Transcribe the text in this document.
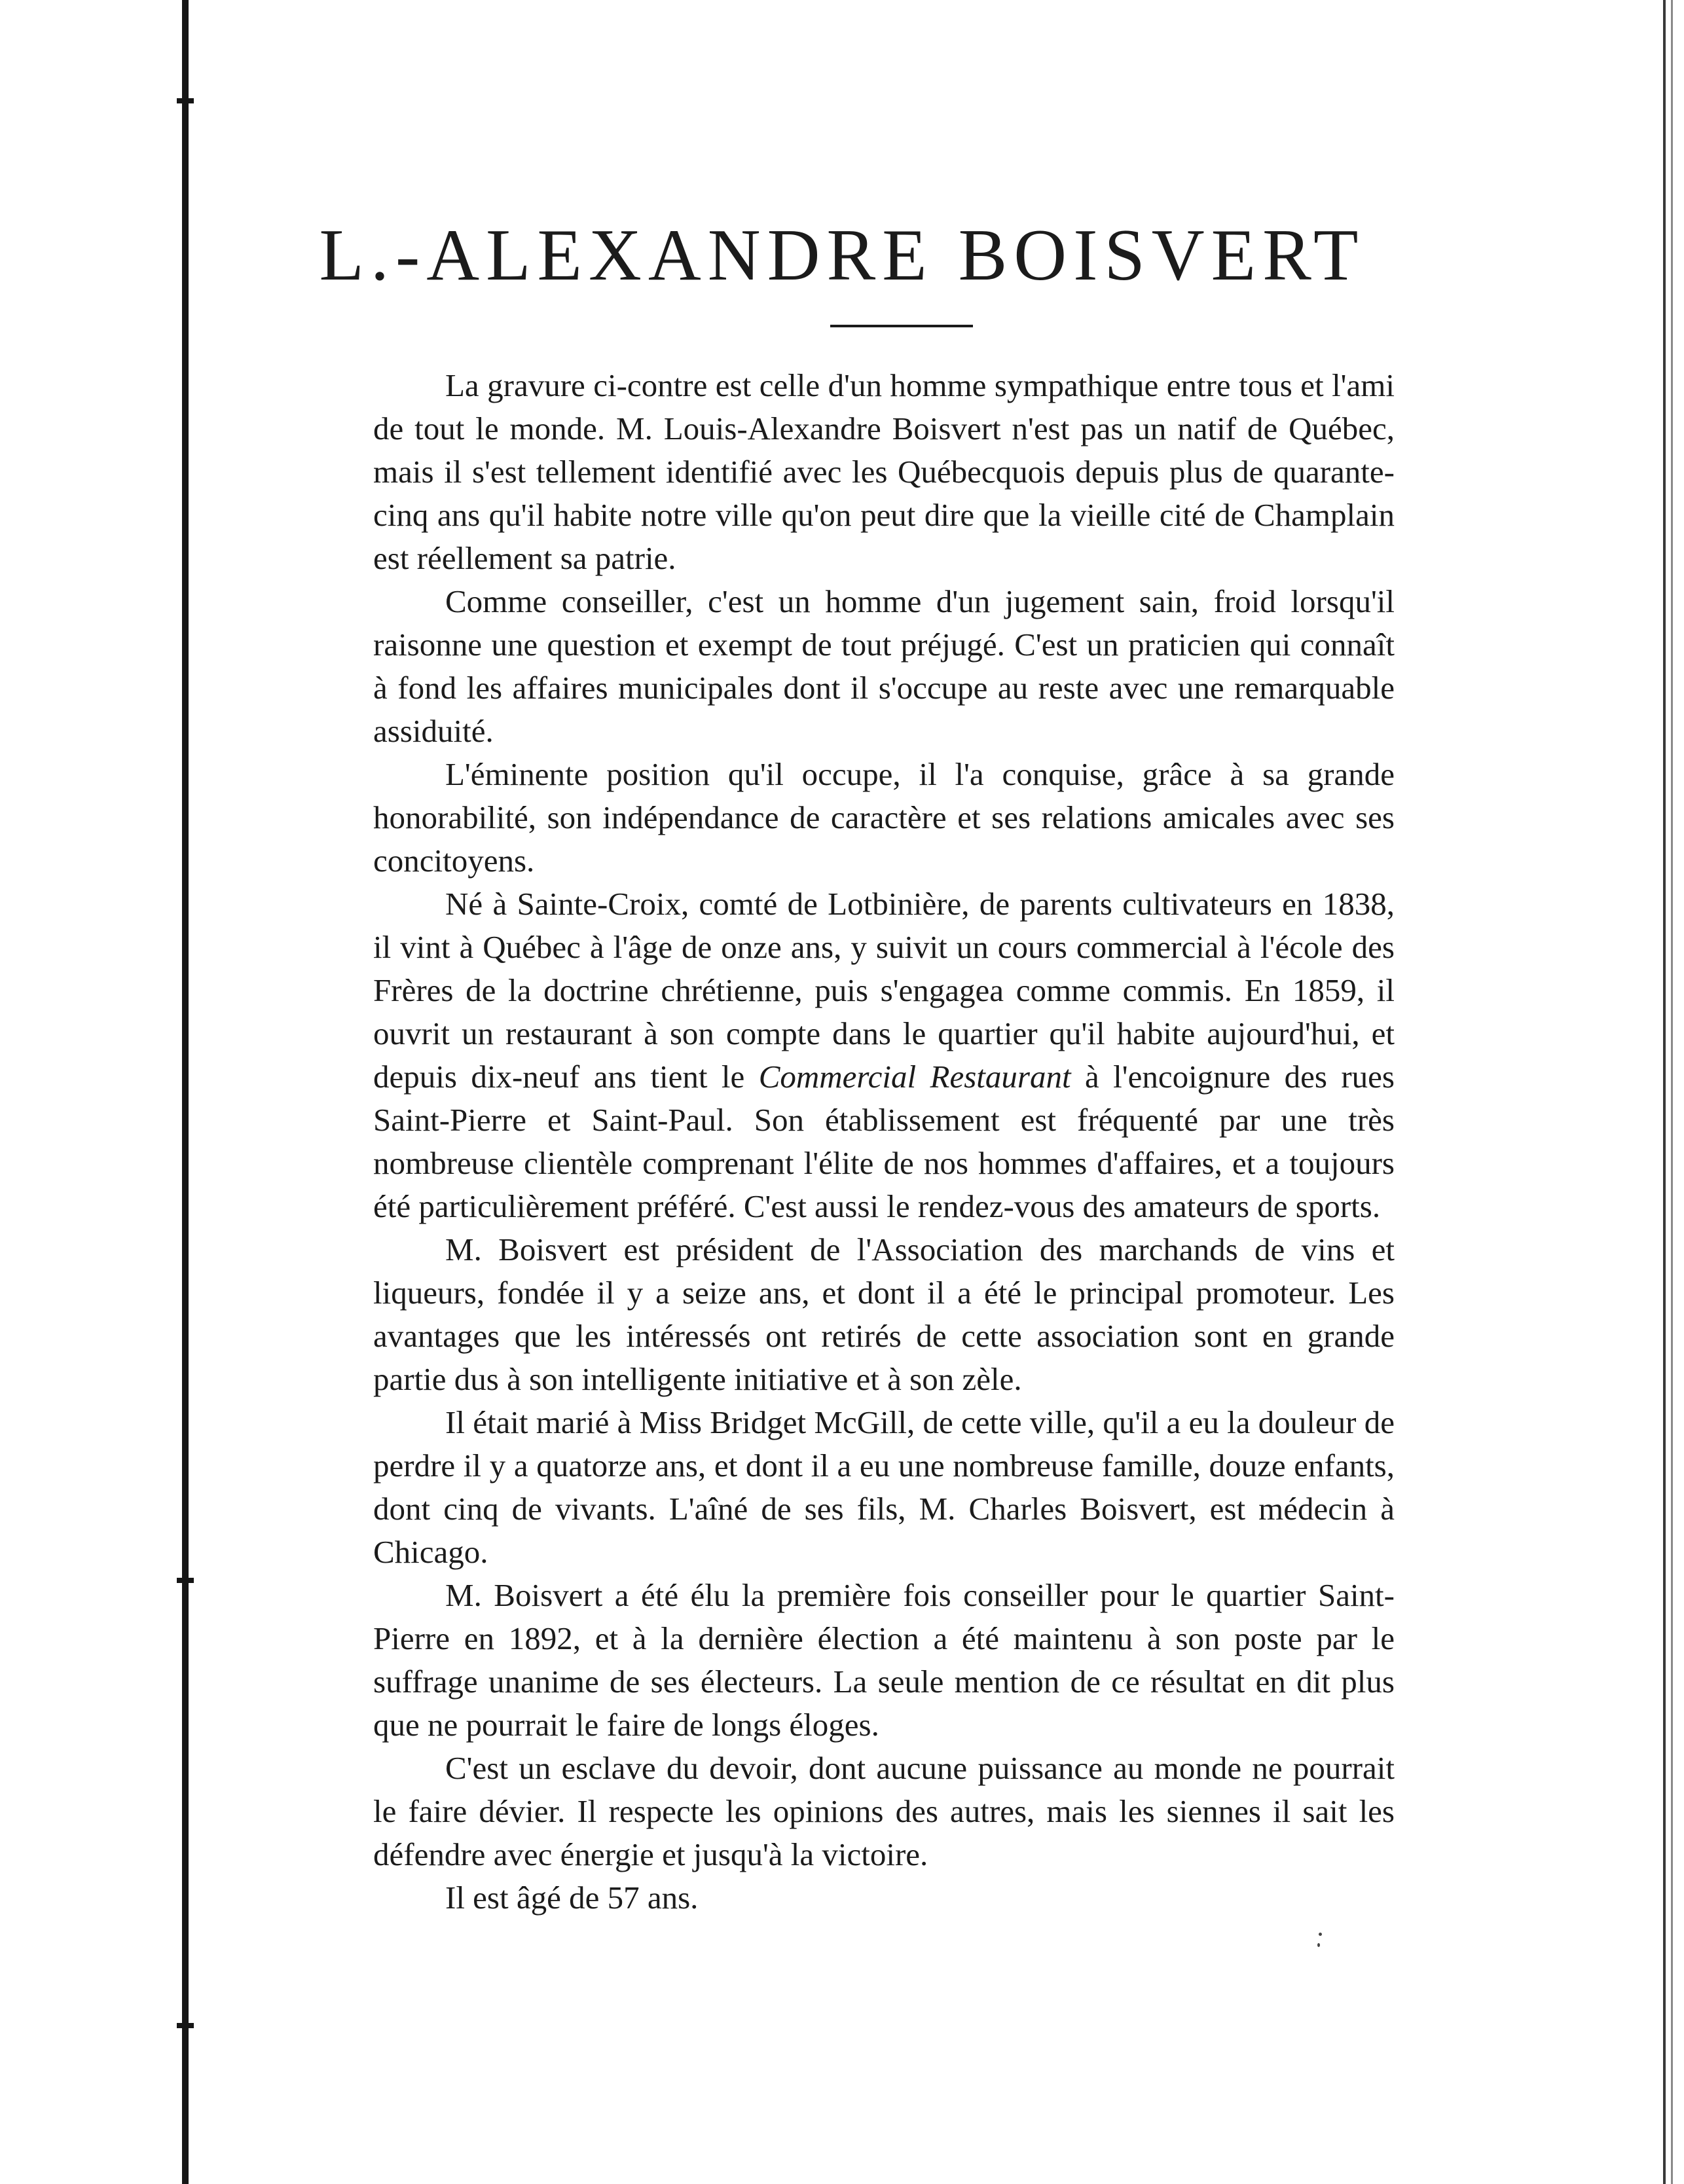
L.-ALEXANDRE BOISVERT

La gravure ci-contre est celle d'un homme sympathique entre tous et l'ami de tout le monde. M. Louis-Alexandre Boisvert n'est pas un natif de Québec, mais il s'est tellement identifié avec les Québecquois depuis plus de quarante-cinq ans qu'il habite notre ville qu'on peut dire que la vieille cité de Champlain est réellement sa patrie.

Comme conseiller, c'est un homme d'un jugement sain, froid lorsqu'il raisonne une question et exempt de tout préjugé. C'est un praticien qui connaît à fond les affaires municipales dont il s'occupe au reste avec une remarquable assiduité.

L'éminente position qu'il occupe, il l'a conquise, grâce à sa grande honorabilité, son indépendance de caractère et ses relations amicales avec ses concitoyens.

Né à Sainte-Croix, comté de Lotbinière, de parents cultivateurs en 1838, il vint à Québec à l'âge de onze ans, y suivit un cours commercial à l'école des Frères de la doctrine chrétienne, puis s'engagea comme commis. En 1859, il ouvrit un restaurant à son compte dans le quartier qu'il habite aujourd'hui, et depuis dix-neuf ans tient le Commercial Restaurant à l'encoignure des rues Saint-Pierre et Saint-Paul. Son établissement est fréquenté par une très nombreuse clientèle comprenant l'élite de nos hommes d'affaires, et a toujours été particulièrement préféré. C'est aussi le rendez-vous des amateurs de sports.

M. Boisvert est président de l'Association des marchands de vins et liqueurs, fondée il y a seize ans, et dont il a été le principal promoteur. Les avantages que les intéressés ont retirés de cette association sont en grande partie dus à son intelligente initiative et à son zèle.

Il était marié à Miss Bridget McGill, de cette ville, qu'il a eu la douleur de perdre il y a quatorze ans, et dont il a eu une nombreuse famille, douze enfants, dont cinq de vivants. L'aîné de ses fils, M. Charles Boisvert, est médecin à Chicago.

M. Boisvert a été élu la première fois conseiller pour le quartier Saint-Pierre en 1892, et à la dernière élection a été maintenu à son poste par le suffrage unanime de ses électeurs. La seule mention de ce résultat en dit plus que ne pourrait le faire de longs éloges.

C'est un esclave du devoir, dont aucune puissance au monde ne pourrait le faire dévier. Il respecte les opinions des autres, mais les siennes il sait les défendre avec énergie et jusqu'à la victoire.

Il est âgé de 57 ans.
